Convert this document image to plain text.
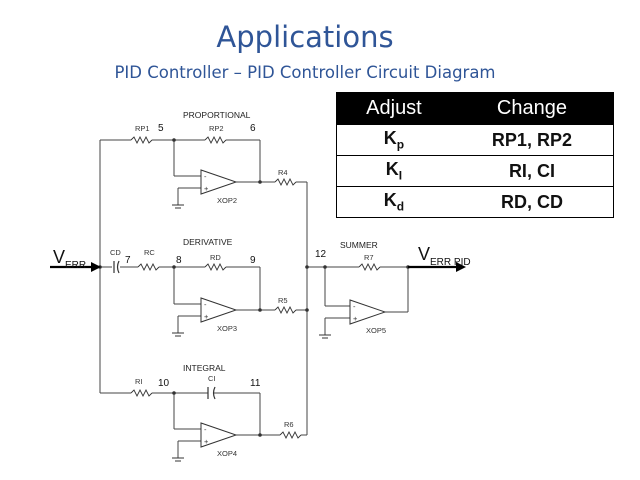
Applications
PID Controller – PID Controller Circuit Diagram
Adjust	Change
$K_p$	RP1, RP2
$K_I$	RI, CI
$K_d$	RD, CD
-
+
-
+
-
+
-
+
PROPORTIONAL
DERIVATIVE
INTEGRAL
SUMMER
RP1	RP2
R4
CD	RC
RD
R5
RI	CI
R6
R7
XOP2
XOP3
XOP4
XOP5
5	6
7	8	9
10	11
12
$V_{ERR}$
$V_{ERR PID}$
